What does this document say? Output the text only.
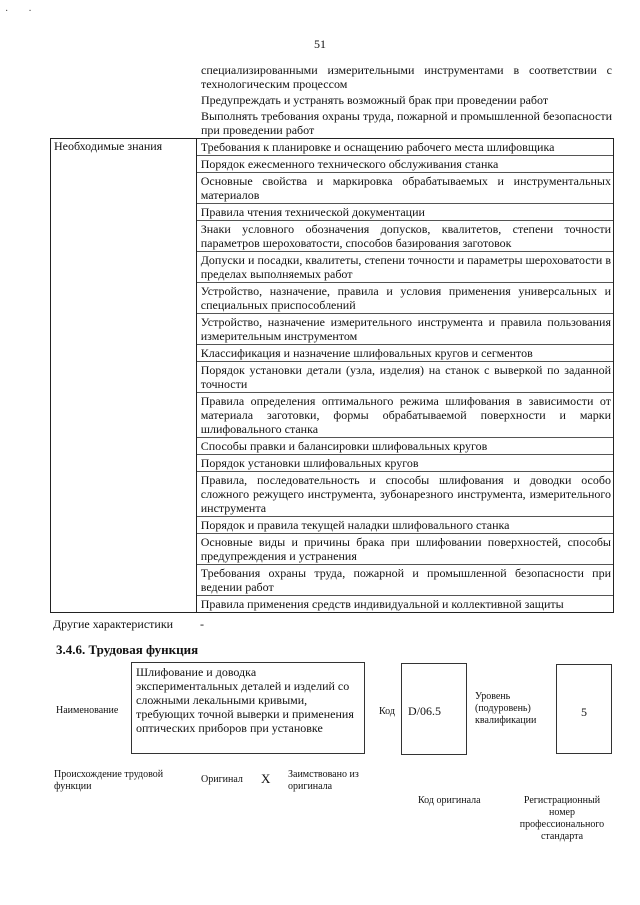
·        ·
51
специализированными измерительными инструментами в соответствии с технологическим процессом
Предупреждать и устранять возможный брак при проведении работ
Выполнять требования охраны труда, пожарной и промышленной безопасности при проведении работ
Необходимые знания	Требования к планировке и оснащению рабочего места шлифовщика
Порядок ежесменного технического обслуживания станка
Основные свойства и маркировка обрабатываемых и инструментальных материалов
Правила чтения технической документации
Знаки условного обозначения допусков, квалитетов, степени точности параметров шероховатости, способов базирования заготовок
Допуски и посадки, квалитеты, степени точности и параметры шероховатости в пределах выполняемых работ
Устройство, назначение, правила и условия применения универсальных и специальных приспособлений
Устройство, назначение измерительного инструмента и правила пользования измерительным инструментом
Классификация и назначение шлифовальных кругов и сегментов
Порядок установки детали (узла, изделия) на станок с выверкой по заданной точности
Правила определения оптимального режима шлифования в зависимости от материала заготовки, формы обрабатываемой поверхности и марки шлифовального станка
Способы правки и балансировки шлифовальных кругов
Порядок установки шлифовальных кругов
Правила, последовательность и способы шлифования и доводки особо сложного режущего инструмента, зубонарезного инструмента, измерительного инструмента
Порядок и правила текущей наладки шлифовального станка
Основные виды и причины брака при шлифовании поверхностей, способы предупреждения и устранения
Требования охраны труда, пожарной и промышленной безопасности при ведении работ
Правила применения средств индивидуальной и коллективной защиты
Другие характеристики	-
3.4.6. Трудовая функция
Наименование
Шлифование и доводка экспериментальных деталей и изделий со сложными лекальными кривыми, требующих точной выверки и применения оптических приборов при установке
Код	D/06.5
Уровень (подуровень) квалификации
5
Происхождение трудовой функции
Оригинал X Заимствовано из оригинала
Код оригинала	Регистрационный номер профессионального стандарта
